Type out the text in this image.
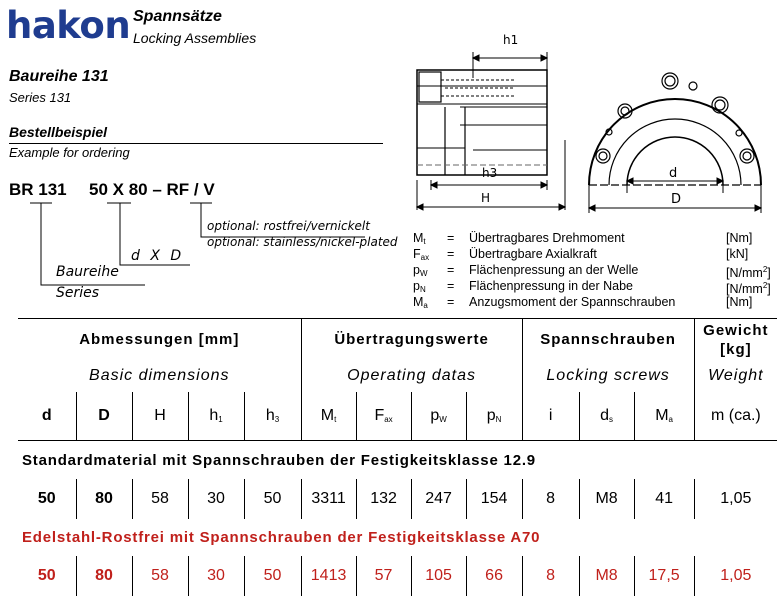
hakon Spannsätze
Locking Assemblies
Baureihe 131
Series 131
Bestellbeispiel
Example for ordering
BR 131 50 X 80 – RF / V
optional: rostfrei/vernickelt
optional: stainless/nickel-plated
d X D
Baureihe
Series
h1
h3
H
d
D
$M_t$ = Übertragbares Drehmoment	[Nm]
$F_{ax}$ = Übertragbare Axialkraft	[kN]
$p_W$ = Flächenpressung an der Welle	$[N/mm^2]$
$p_N$ = Flächenpressung in der Nabe	$[N/mm^2]$
$M_a$ = Anzugsmoment der Spannschrauben	[Nm]
Abmessungen [mm]					Übertragungswerte				Spannschrauben			Gewicht
[kg]
Basic dimensions					Operating datas				Locking screws			Weight
d	D	H	$h_1$	$h_3$	$M_t$	$F_{ax}$	$p_W$	$p_N$	i	$d_s$	$M_a$	m (ca.)
Standardmaterial mit Spannschrauben der Festigkeitsklasse 12.9												
50	80	58	30	50	3311	132	247	154	8	M8	41	1,05
Edelstahl-Rostfrei mit Spannschrauben der Festigkeitsklasse A70												
50	80	58	30	50	1413	57	105	66	8	M8	17,5	1,05
